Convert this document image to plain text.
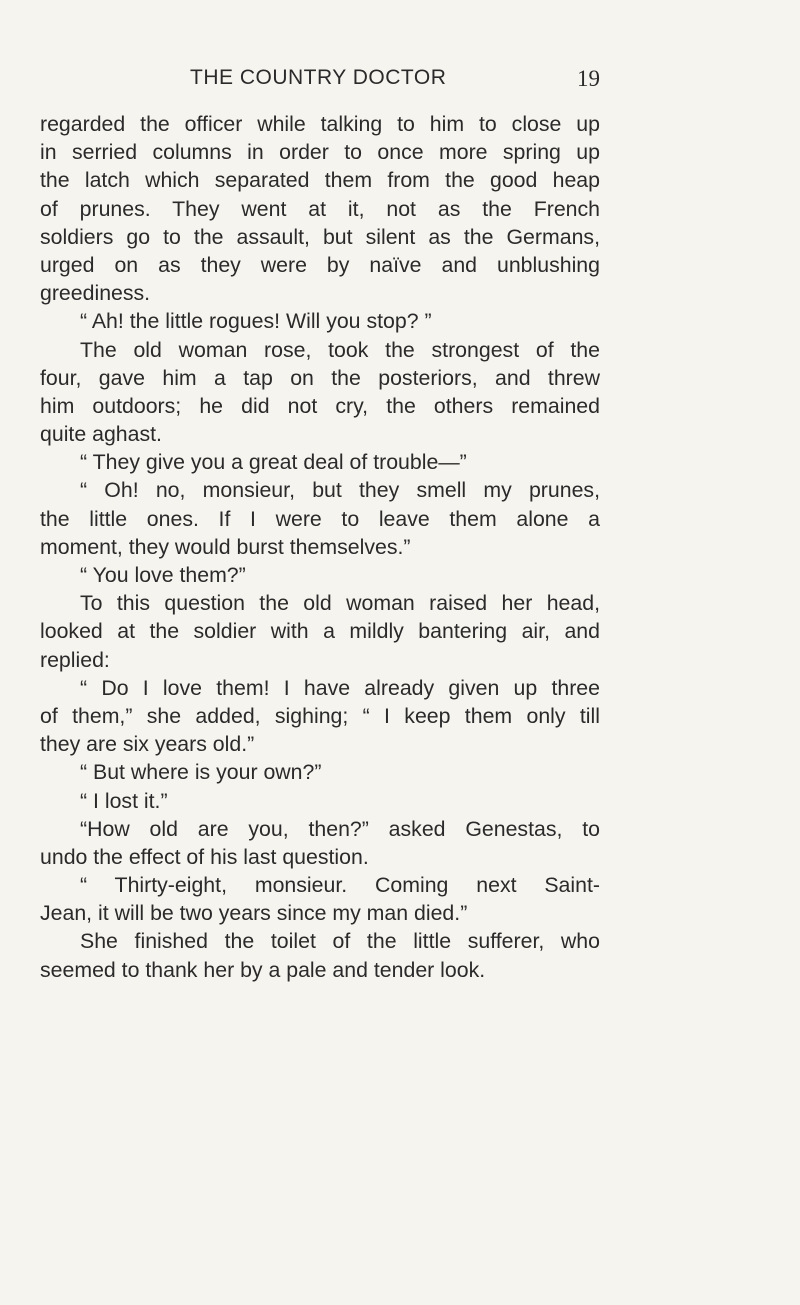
THE COUNTRY DOCTOR	19
regarded the officer while talking to him to close up
in serried columns in order to once more spring up
the latch which separated them from the good heap
of prunes. They went at it, not as the French
soldiers go to the assault, but silent as the Germans,
urged on as they were by naïve and unblushing
greediness.
“ Ah! the little rogues! Will you stop? ”
The old woman rose, took the strongest of the
four, gave him a tap on the posteriors, and threw
him outdoors; he did not cry, the others remained
quite aghast.
“ They give you a great deal of trouble—”
“ Oh! no, monsieur, but they smell my prunes,
the little ones. If I were to leave them alone a
moment, they would burst themselves.”
“ You love them?”
To this question the old woman raised her head,
looked at the soldier with a mildly bantering air, and
replied:
“ Do I love them! I have already given up three
of them,” she added, sighing; “ I keep them only till
they are six years old.”
“ But where is your own?”
“ I lost it.”
“How old are you, then?” asked Genestas, to
undo the effect of his last question.
“ Thirty-eight, monsieur. Coming next Saint-
Jean, it will be two years since my man died.”
She finished the toilet of the little sufferer, who
seemed to thank her by a pale and tender look.
